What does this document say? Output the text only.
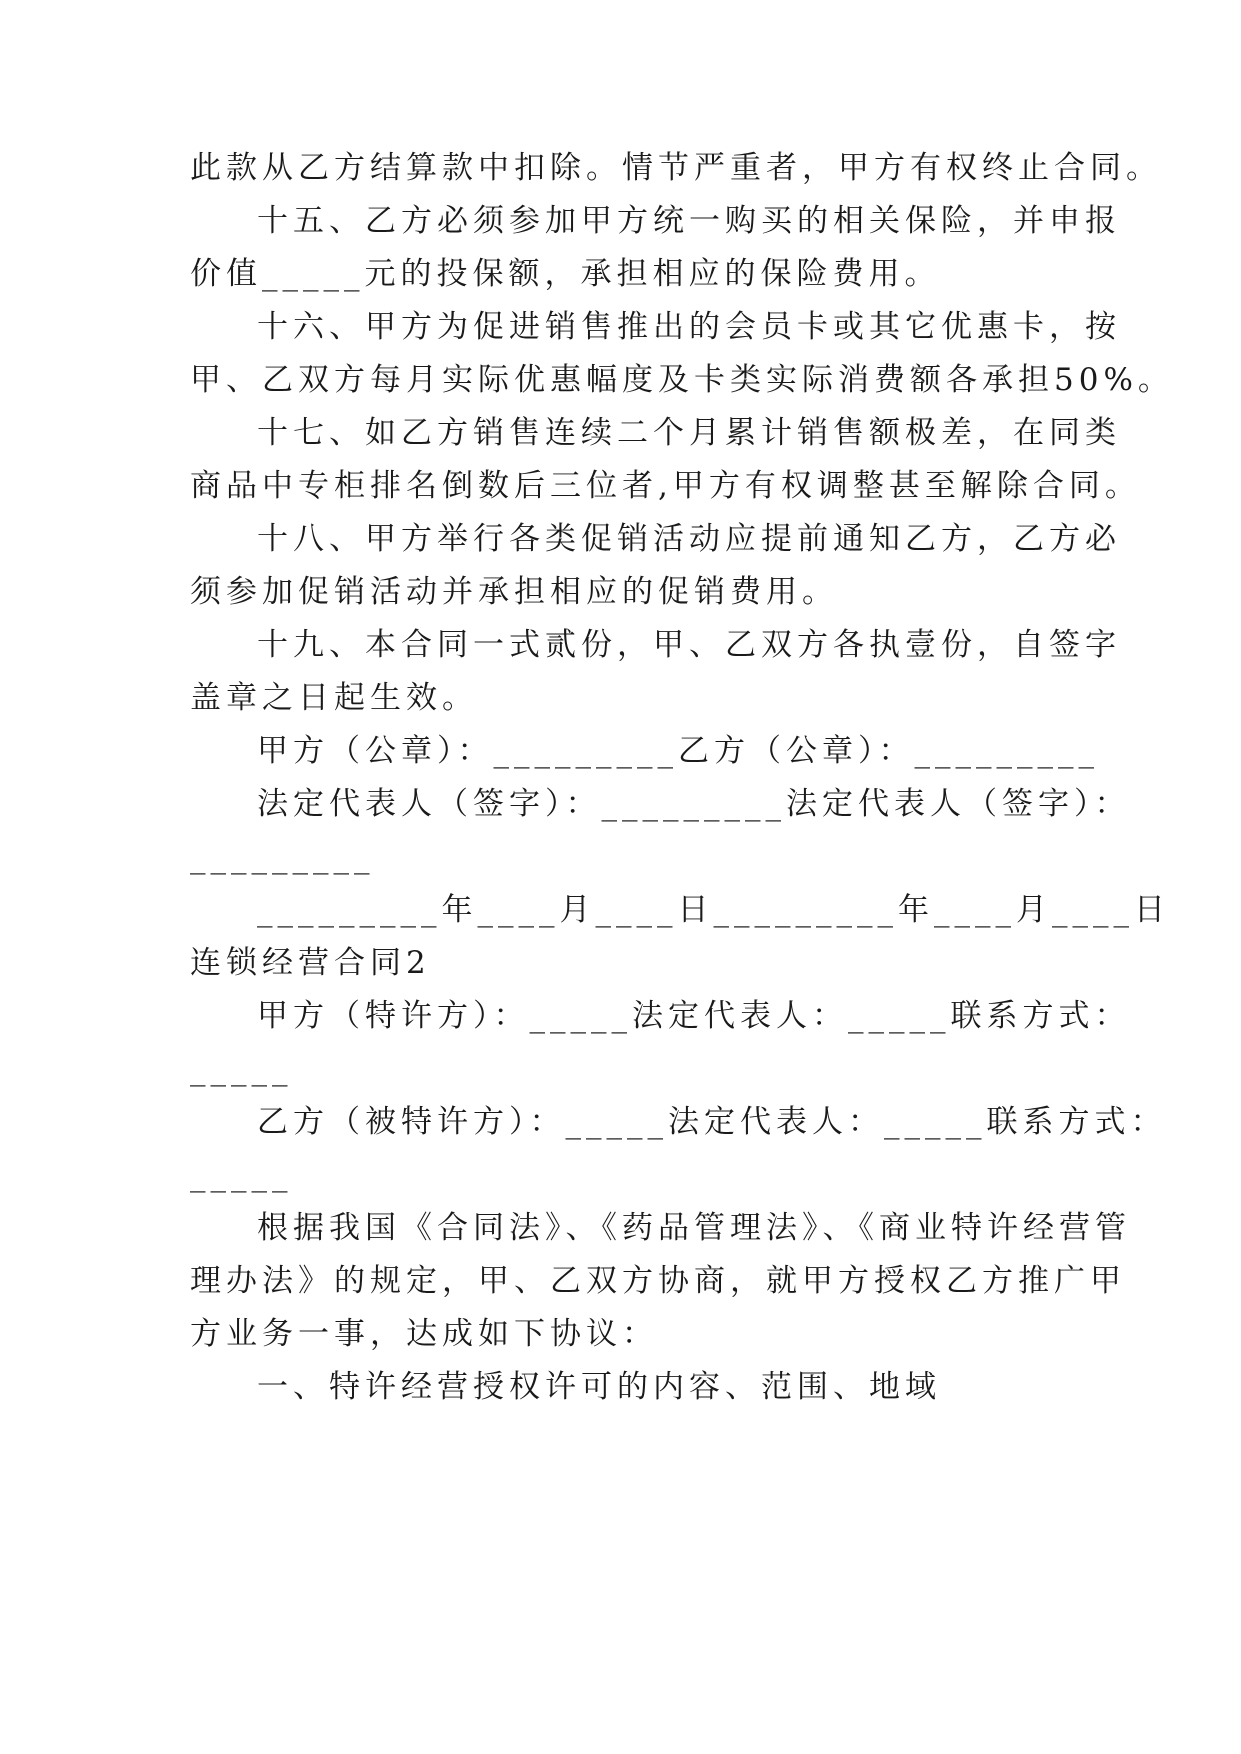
此款从乙方结算款中扣除。情节严重者，甲方有权终止合同。
十五、乙方必须参加甲方统一购买的相关保险，并申报
价值_____元的投保额，承担相应的保险费用。
十六、甲方为促进销售推出的会员卡或其它优惠卡，按
甲、乙双方每月实际优惠幅度及卡类实际消费额各承担50%。
十七、如乙方销售连续二个月累计销售额极差，在同类
商品中专柜排名倒数后三位者,甲方有权调整甚至解除合同。
十八、甲方举行各类促销活动应提前通知乙方，乙方必
须参加促销活动并承担相应的促销费用。
十九、本合同一式贰份，甲、乙双方各执壹份，自签字
盖章之日起生效。
甲方（公章）：_________乙方（公章）：_________
法定代表人（签字）：_________法定代表人（签字）：
_________
_________年____月____日_________年____月____日
连锁经营合同2
甲方（特许方）：_____法定代表人：_____联系方式：
_____
乙方（被特许方）：_____法定代表人：_____联系方式：
_____
根据我国《合同法》、《药品管理法》、《商业特许经营管
理办法》的规定，甲、乙双方协商，就甲方授权乙方推广甲
方业务一事，达成如下协议：
一、特许经营授权许可的内容、范围、地域
